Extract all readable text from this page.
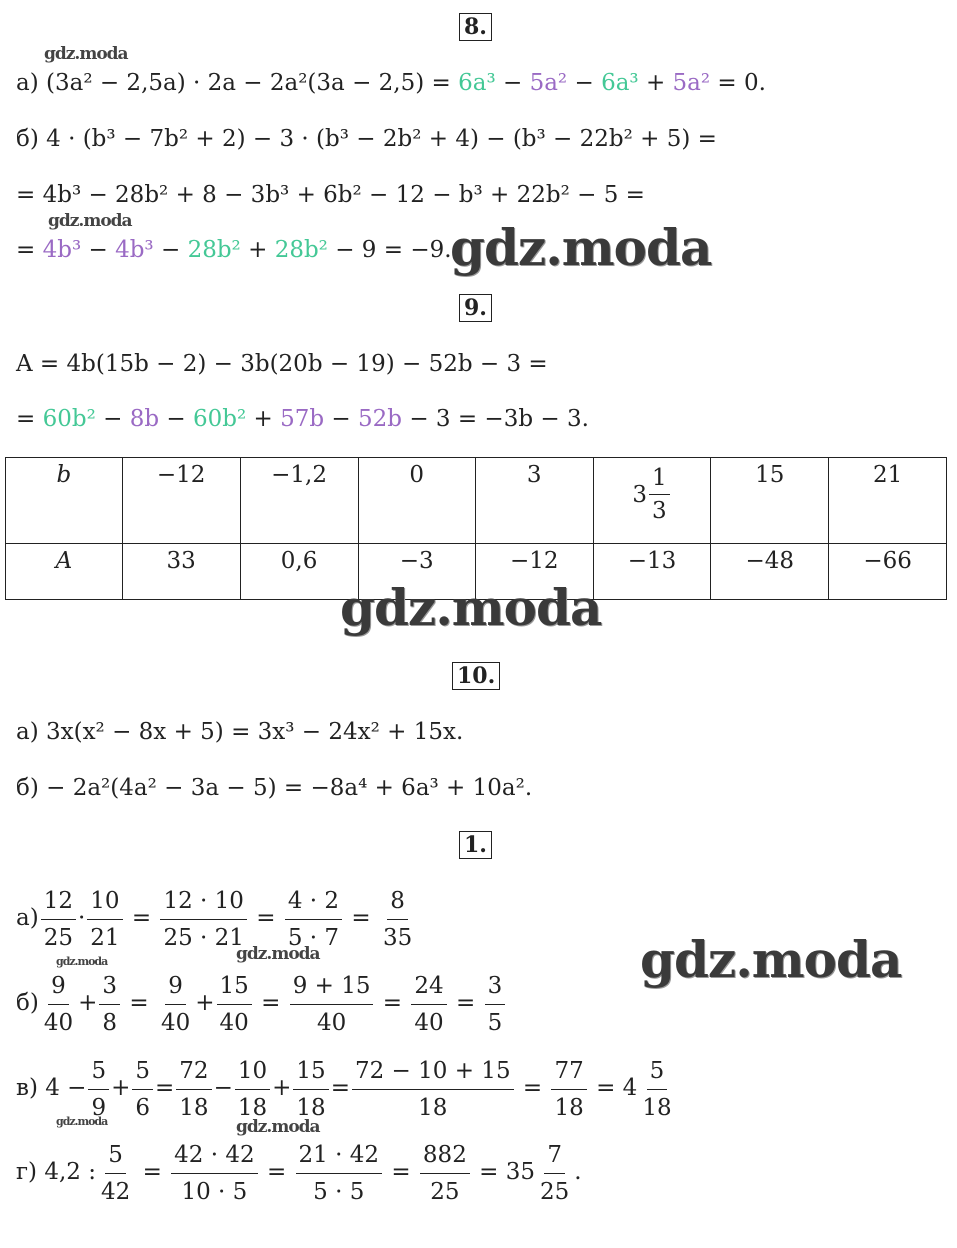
8.
а) (3a² − 2,5a) · 2a − 2a²(3a − 2,5) = 6a³ − 5a² − 6a³ + 5a² = 0.
б) 4 · (b³ − 7b² + 2) − 3 · (b³ − 2b² + 4) − (b³ − 22b² + 5) =
= 4b³ − 28b² + 8 − 3b³ + 6b² − 12 − b³ + 22b² − 5 =
= 4b³ − 4b³ − 28b² + 28b² − 9 = −9.
9.
A = 4b(15b − 2) − 3b(20b − 19) − 52b − 3 =
= 60b² − 8b − 60b² + 57b − 52b − 3 = −3b − 3.
b	−12	−1,2	0	3	$3 \frac{1}{3}$	15	21
A	33	0,6	−3	−12	−13	−48	−66
10.
а) 3x(x² − 8x + 5) = 3x³ − 24x² + 15x.
б) − 2a²(4a² − 3a − 5) = −8a⁴ + 6a³ + 10a².
1.
$а) \frac{12}{25} \cdot \frac{10}{21} = \frac{12 \cdot 10}{25 \cdot 21} = \frac{4 \cdot 2}{5 \cdot 7} = \frac{8}{35}$
$б) \frac{9}{40} + \frac{3}{8} = \frac{9}{40} + \frac{15}{40} = \frac{9 + 15}{40} = \frac{24}{40} = \frac{3}{5}$
в) $4 - \frac{5}{9} + \frac{5}{6} = \frac{72}{18} - \frac{10}{18} + \frac{15}{18} = \frac{72 - 10 + 15}{18} = \frac{77}{18} = 4 \frac{5}{18}$
г) 4,2 : $\frac{5}{42} = \frac{42 \cdot 42}{10 \cdot 5} = \frac{21 \cdot 42}{5 \cdot 5} = \frac{882}{25} = 35 \frac{7}{25}$ .
gdz.moda
gdz.moda	gdz.moda
gdz.moda
gdz.moda
gdz.moda
gdz.moda
gdz.moda	gdz.moda
